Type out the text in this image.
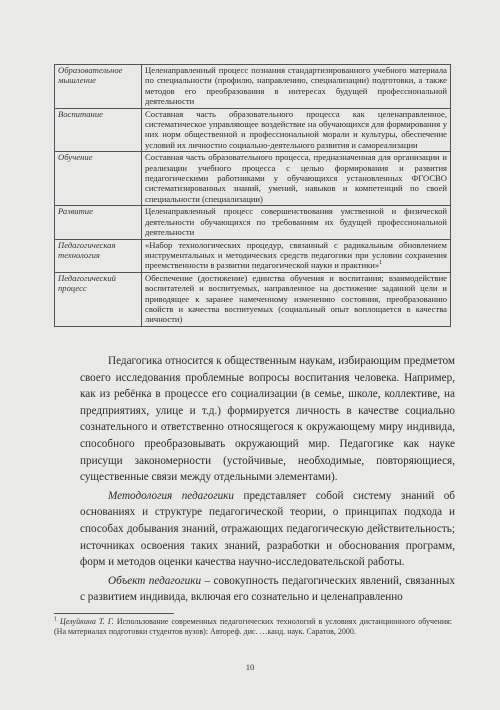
Образовательное мышление	Целенаправленный процесс познания стандартизированного учебного материала по специальности (профилю, направлению, специализации) подготовки, а также методов его преобразования в интересах будущей профессиональной деятельности
Воспитание	Составная часть образовательного процесса как целенаправленное, систематическое управляющее воздействие на обучающихся для формирования у них норм общественной и профессиональной морали и культуры, обеспечение условий их личностно социально-деятельного развития и самореализации
Обучение	Составная часть образовательного процесса, предназначенная для организации и реализации учебного процесса с целью формирования и развития педагогическими работниками у обучающихся установленных ФГОСВО систематизированных знаний, умений, навыков и компетенций по своей специальности (специализации)
Развитие	Целенаправленный процесс совершенствования умственной и физической деятельности обучающихся по требованиям их будущей профессиональной деятельности
Педагогическая технология	«Набор технологических процедур, связанный с радикальным обновлением инструментальных и методических средств педагогики при условии сохранения преемственности в развитии педагогической науки и практики»$^1$
Педагогический процесс	Обеспечение (достижение) единства обучения и воспитания; взаимодействие воспитателей и воспитуемых, направленное на достижение заданной цели и приводящее к заранее намеченному изменению состояния, преобразованию свойств и качества воспитуемых (социальный опыт воплощается в качества личности)

Педагогика относится к общественным наукам, избирающим предметом своего исследования проблемные вопросы воспитания человека. Например, как из ребёнка в процессе его социализации (в семье, школе, коллективе, на предприятиях, улице и т.д.) формируется личность в качестве социально сознательного и ответственно относящегося к окружающему миру индивида, способного преобразовывать окружающий мир. Педагогике как науке присущи закономерности (устойчивые, необходимые, повторяющиеся, существенные связи между отдельными элементами).

Методология педагогики представляет собой систему знаний об основаниях и структуре педагогической теории, о принципах подхода и способах добывания знаний, отражающих педагогическую действительность; источниках освоения таких знаний, разработки и обоснования программ, форм и методов оценки качества научно-исследовательской работы.

Объект педагогики – совокупность педагогических явлений, связанных с развитием индивида, включая его сознательно и целенаправленно

$^1$ Целуйкина Т. Г. Использование современных педагогических технологий в условиях дистанционного обучения: (На материалах подготовки студентов вузов): Автореф. дис. …канд. наук. Саратов, 2000.
10
